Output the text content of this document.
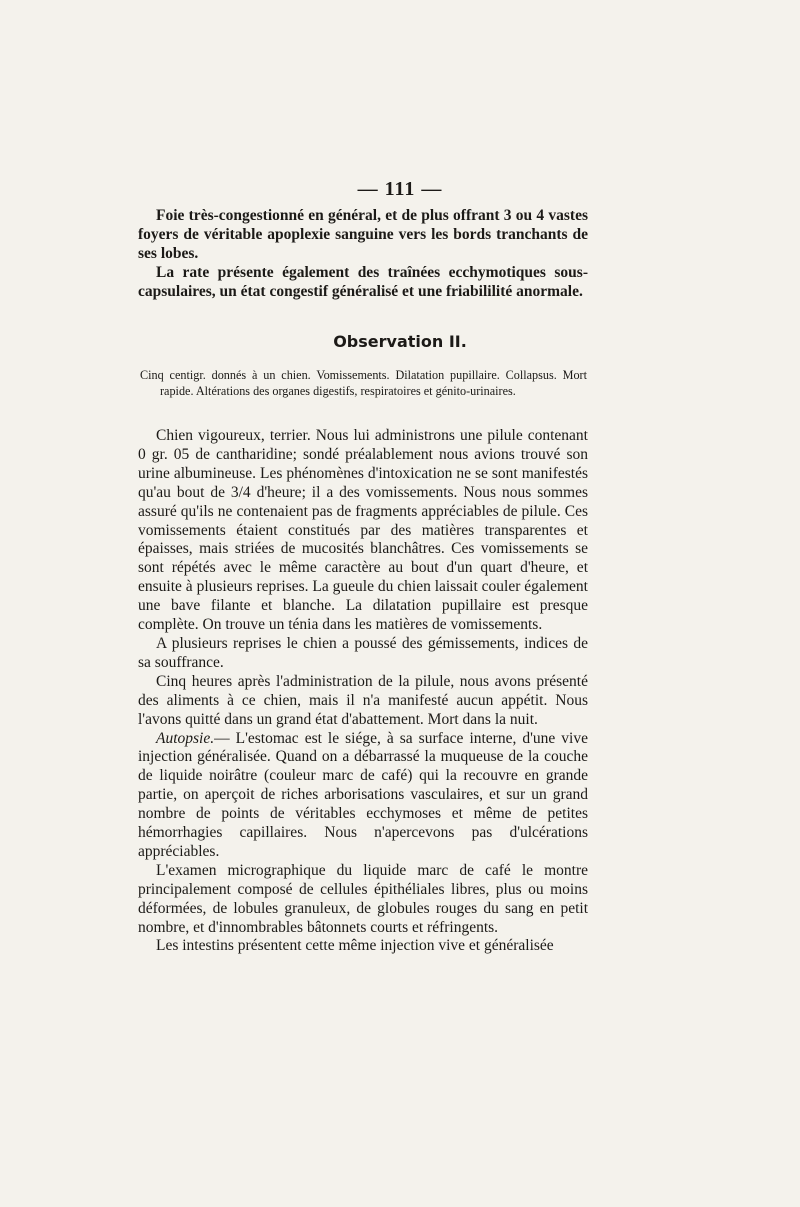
— 111 —

Foie très-congestionné en général, et de plus offrant 3 ou 4 vastes foyers de véritable apoplexie sanguine vers les bords tranchants de ses lobes.

La rate présente également des traînées ecchymotiques sous-capsulaires, un état congestif généralisé et une friabililité anormale.

Observation II.

Cinq centigr. donnés à un chien. Vomissements. Dilatation pupillaire. Collapsus. Mort rapide. Altérations des organes digestifs, respiratoires et génito-urinaires.

Chien vigoureux, terrier. Nous lui administrons une pilule contenant 0 gr. 05 de cantharidine; sondé préalablement nous avions trouvé son urine albumineuse. Les phénomènes d'intoxication ne se sont manifestés qu'au bout de 3/4 d'heure; il a des vomissements. Nous nous sommes assuré qu'ils ne contenaient pas de fragments appréciables de pilule. Ces vomissements étaient constitués par des matières transparentes et épaisses, mais striées de mucosités blanchâtres. Ces vomissements se sont répétés avec le même caractère au bout d'un quart d'heure, et ensuite à plusieurs reprises. La gueule du chien laissait couler également une bave filante et blanche. La dilatation pupillaire est presque complète. On trouve un ténia dans les matières de vomissements.

A plusieurs reprises le chien a poussé des gémissements, indices de sa souffrance.

Cinq heures après l'administration de la pilule, nous avons présenté des aliments à ce chien, mais il n'a manifesté aucun appétit. Nous l'avons quitté dans un grand état d'abattement. Mort dans la nuit.

Autopsie.— L'estomac est le siége, à sa surface interne, d'une vive injection généralisée. Quand on a débarrassé la muqueuse de la couche de liquide noirâtre (couleur marc de café) qui la recouvre en grande partie, on aperçoit de riches arborisations vasculaires, et sur un grand nombre de points de véritables ecchymoses et même de petites hémorrhagies capillaires. Nous n'apercevons pas d'ulcérations appréciables.

L'examen micrographique du liquide marc de café le montre principalement composé de cellules épithéliales libres, plus ou moins déformées, de lobules granuleux, de globules rouges du sang en petit nombre, et d'innombrables bâtonnets courts et réfringents.

Les intestins présentent cette même injection vive et généralisée
